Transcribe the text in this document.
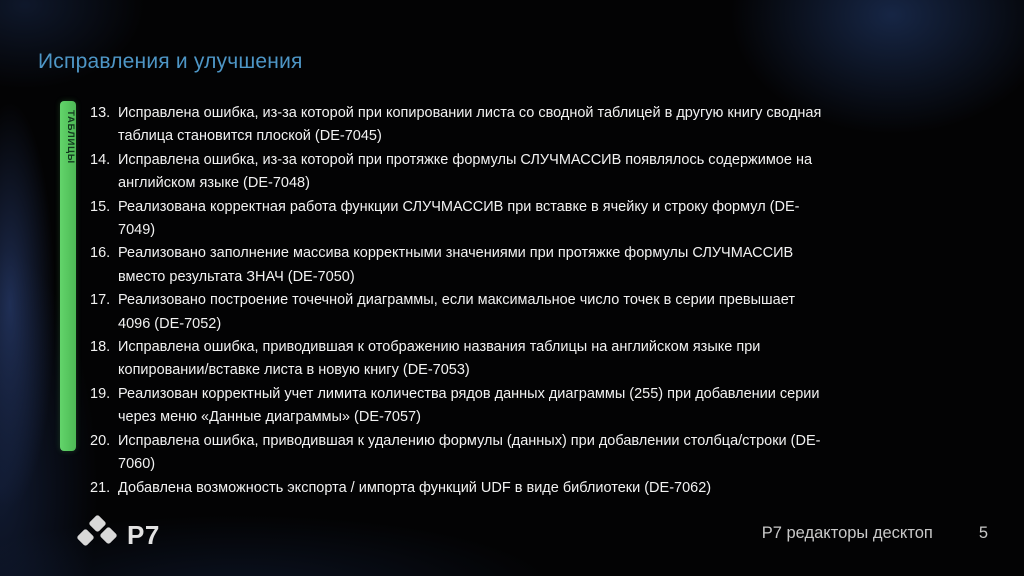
Исправления и улучшения
ТАБЛИЦЫ 13. Исправлена ошибка, из-за которой при копировании листа со сводной таблицей в другую книгу сводная таблица становится плоской (DE-7045)
14. Исправлена ошибка, из-за которой при протяжке формулы СЛУЧМАССИВ появлялось содержимое на английском языке (DE-7048)
15. Реализована корректная работа функции СЛУЧМАССИВ при вставке в ячейку и строку формул (DE-7049)
16. Реализовано заполнение массива корректными значениями при протяжке формулы СЛУЧМАССИВ вместо результата ЗНАЧ (DE-7050)
17. Реализовано построение точечной диаграммы, если максимальное число точек в серии превышает 4096 (DE-7052)
18. Исправлена ошибка, приводившая к отображению названия таблицы на английском языке при копировании/вставке листа в новую книгу (DE-7053)
19. Реализован корректный учет лимита количества рядов данных диаграммы (255) при добавлении серии через меню «Данные диаграммы» (DE-7057)
20. Исправлена ошибка, приводившая к удалению формулы (данных) при добавлении столбца/строки (DE-7060)
21. Добавлена возможность экспорта / импорта функций UDF в виде библиотеки (DE-7062)
Р7	Р7 редакторы десктоп	5
